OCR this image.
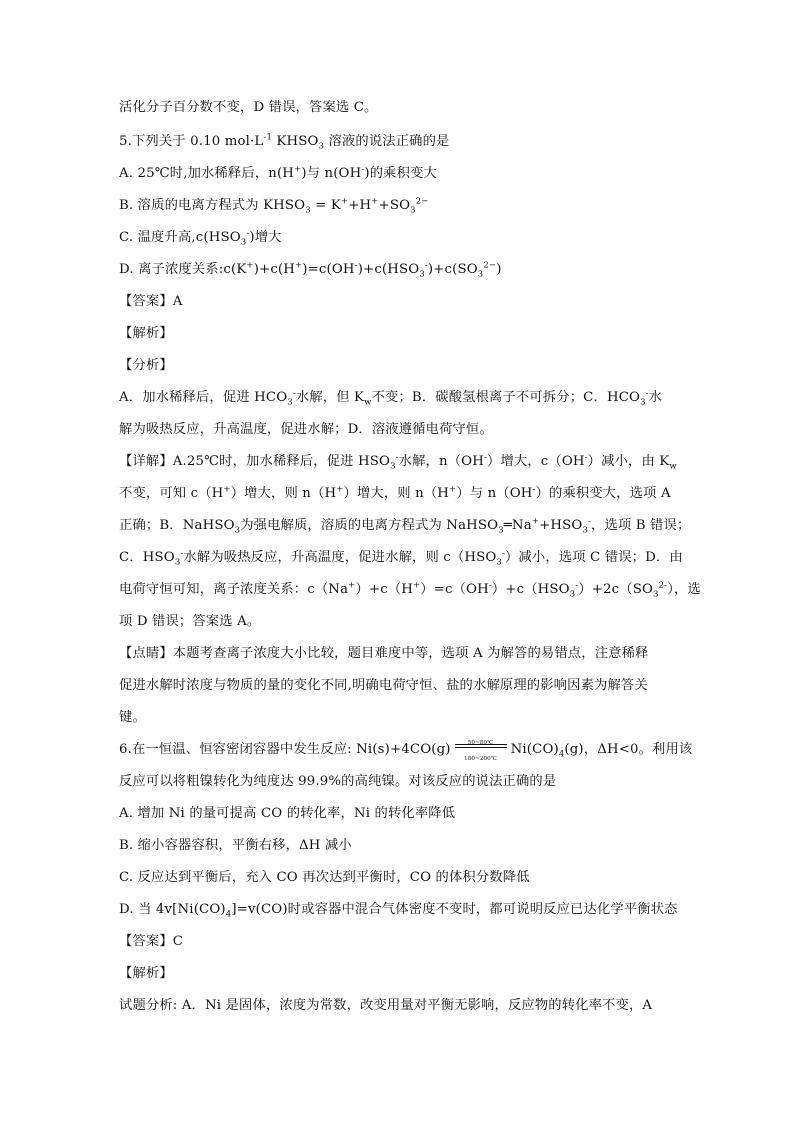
活化分子百分数不变，D 错误，答案选 C。
5.下列关于 0.10 $mol\cdot L^{-1}$ $KHSO_3$ 溶液的说法正确的是
A. 25℃时,加水稀释后，n(H+)与 n(OH-)的乘积变大
B. 溶质的电离方程式为 $KHSO_3 = K^++H^++SO_3^{2-}$
C. 温度升高$,c(HSO_3^-)$增大
D. 离子浓度关系$:c(K^+)+c(H^+)=c(OH^-)+c(HSO_3^-)+c(SO_3^{2-})$
【答案】A
【解析】
【分析】
A．加水稀释后，促进 $HCO_3^-$水解，但 $K_w$不变；B．碳酸氢根离子不可拆分；C．$HCO_3^-$水
解为吸热反应，升高温度，促进水解；D．溶液遵循电荷守恒。
【详解】A.25℃时，加水稀释后，促进 $HSO_3^-$水解，n（OH-）增大，c（OH-）减小，由 $K_w$
不变，可知 c（H+）增大，则 n（H+）增大，则 n（H+）与 n（OH-）的乘积变大，选项 A
正确；B．NaHSO$_3$为强电解质，溶质的电离方程式为 $NaHSO_3═Na^++HSO_3^-$，选项 B 错误；
C．$HSO_3^-$水解为吸热反应，升高温度，促进水解，则 $c(HSO_3^-)$减小，选项 C 错误；D．由
电荷守恒可知，离子浓度关系：$c(Na^+)+c(H^+)=c(OH^-)+c(HSO_3^-)+2c(SO_3^{2-})$，选
项 D 错误；答案选 A。
【点睛】本题考查离子浓度大小比较，题目难度中等，选项 A 为解答的易错点，注意稀释
促进水解时浓度与物质的量的变化不同,明确电荷守恒、盐的水解原理的影响因素为解答关
键。
6.在一恒温、恒容密闭容器中发生反应: $Ni(s)+4CO(g) \frac{50\sim 80℃}{180\sim 200℃} Ni(CO)_4(g)$，ΔH<0。利用该
反应可以将粗镍转化为纯度达 99.9%的高纯镍。对该反应的说法正确的是
A. 增加 Ni 的量可提高 CO 的转化率，Ni 的转化率降低
B. 缩小容器容积，平衡右移，ΔH 减小
C. 反应达到平衡后，充入 CO 再次达到平衡时，CO 的体积分数降低
D. 当 $4v[Ni(CO)_4]=v(CO)$时或容器中混合气体密度不变时，都可说明反应已达化学平衡状态
【答案】C
【解析】
试题分析: A．Ni 是固体，浓度为常数，改变用量对平衡无影响，反应物的转化率不变，A
